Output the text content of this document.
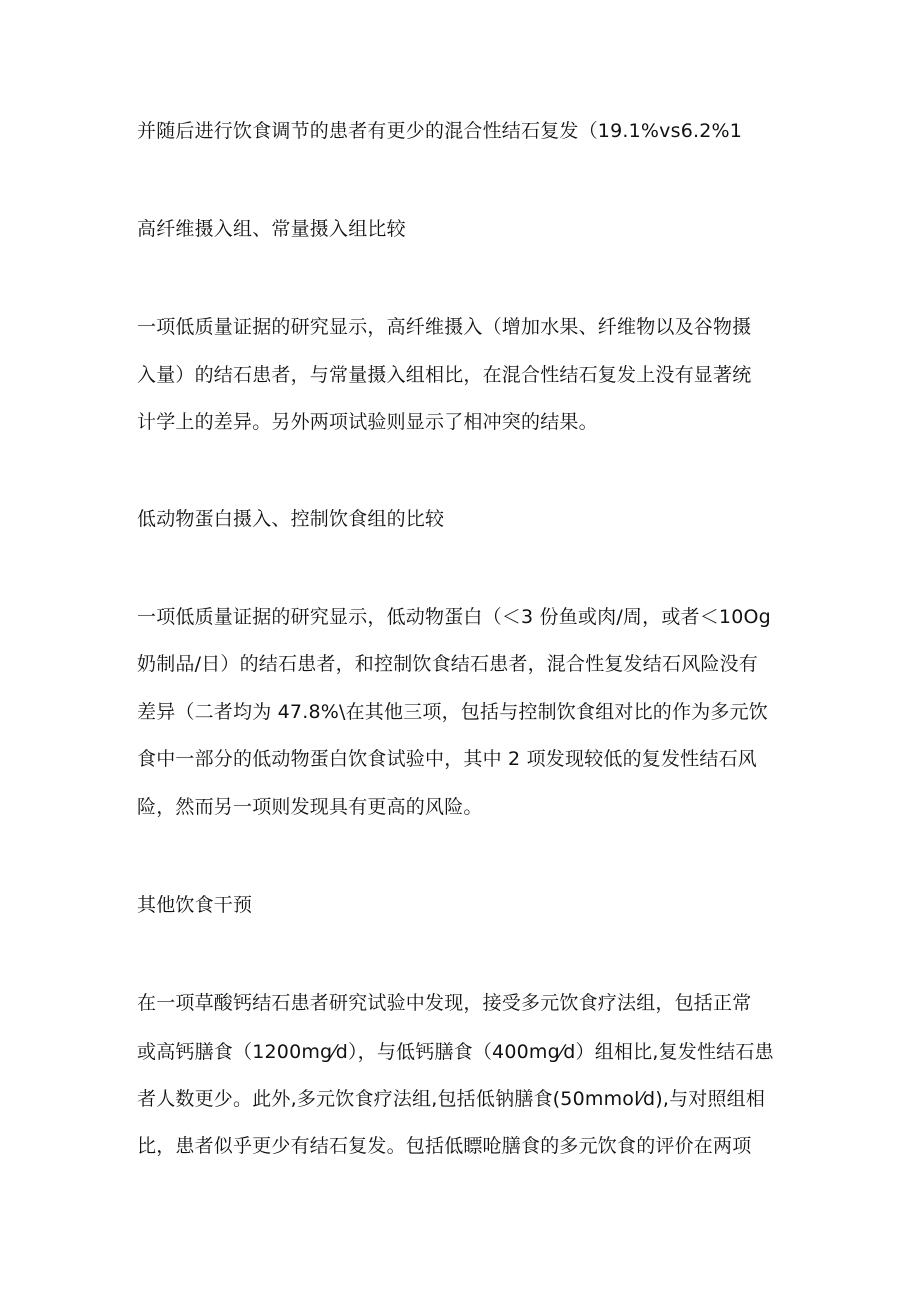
并随后进行饮食调节的患者有更少的混合性结石复发（19.1%vs6.2%1
高纤维摄入组、常量摄入组比较
一项低质量证据的研究显示，高纤维摄入（增加水果、纤维物以及谷物摄
入量）的结石患者，与常量摄入组相比，在混合性结石复发上没有显著统
计学上的差异。另外两项试验则显示了相冲突的结果。
低动物蛋白摄入、控制饮食组的比较
一项低质量证据的研究显示，低动物蛋白（＜3 份鱼或肉/周，或者＜10Og
奶制品/日）的结石患者，和控制饮食结石患者，混合性复发结石风险没有
差异（二者均为 47.8%\在其他三项，包括与控制饮食组对比的作为多元饮
食中一部分的低动物蛋白饮食试验中，其中 2 项发现较低的复发性结石风
险，然而另一项则发现具有更高的风险。
其他饮食干预
在一项草酸钙结石患者研究试验中发现，接受多元饮食疗法组，包括正常
或高钙膳食（1200mg⁄d），与低钙膳食（400mg⁄d）组相比,复发性结石患
者人数更少。此外,多元饮食疗法组,包括低钠膳食(50mmol⁄d),与对照组相
比，患者似乎更少有结石复发。包括低瞟呛膳食的多元饮食的评价在两项
